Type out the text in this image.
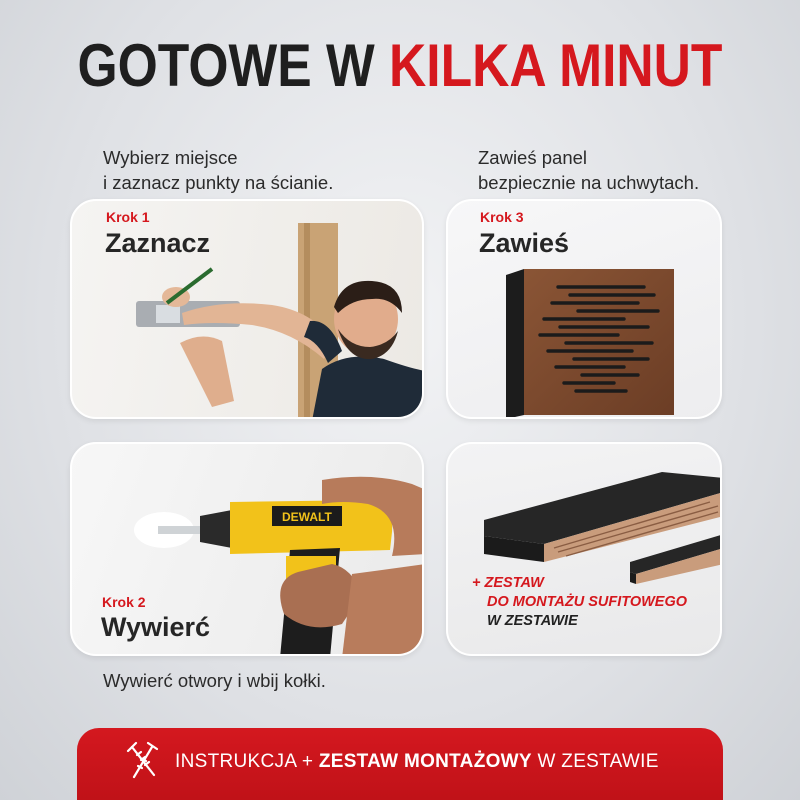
GOTOWE W KILKA MINUT
Wybierz miejsce
i zaznacz punkty na ścianie.
Zawieś panel
bezpiecznie na uchwytach.
Wywierć otwory i wbij kołki.
Krok 1
Zaznacz
Krok 3
Zawieś
DEWALT
Krok 2
Wywierć
+ ZESTAW
DO MONTAŻU SUFITOWEGO
W ZESTAWIE
INSTRUKCJA + ZESTAW MONTAŻOWY W ZESTAWIE
